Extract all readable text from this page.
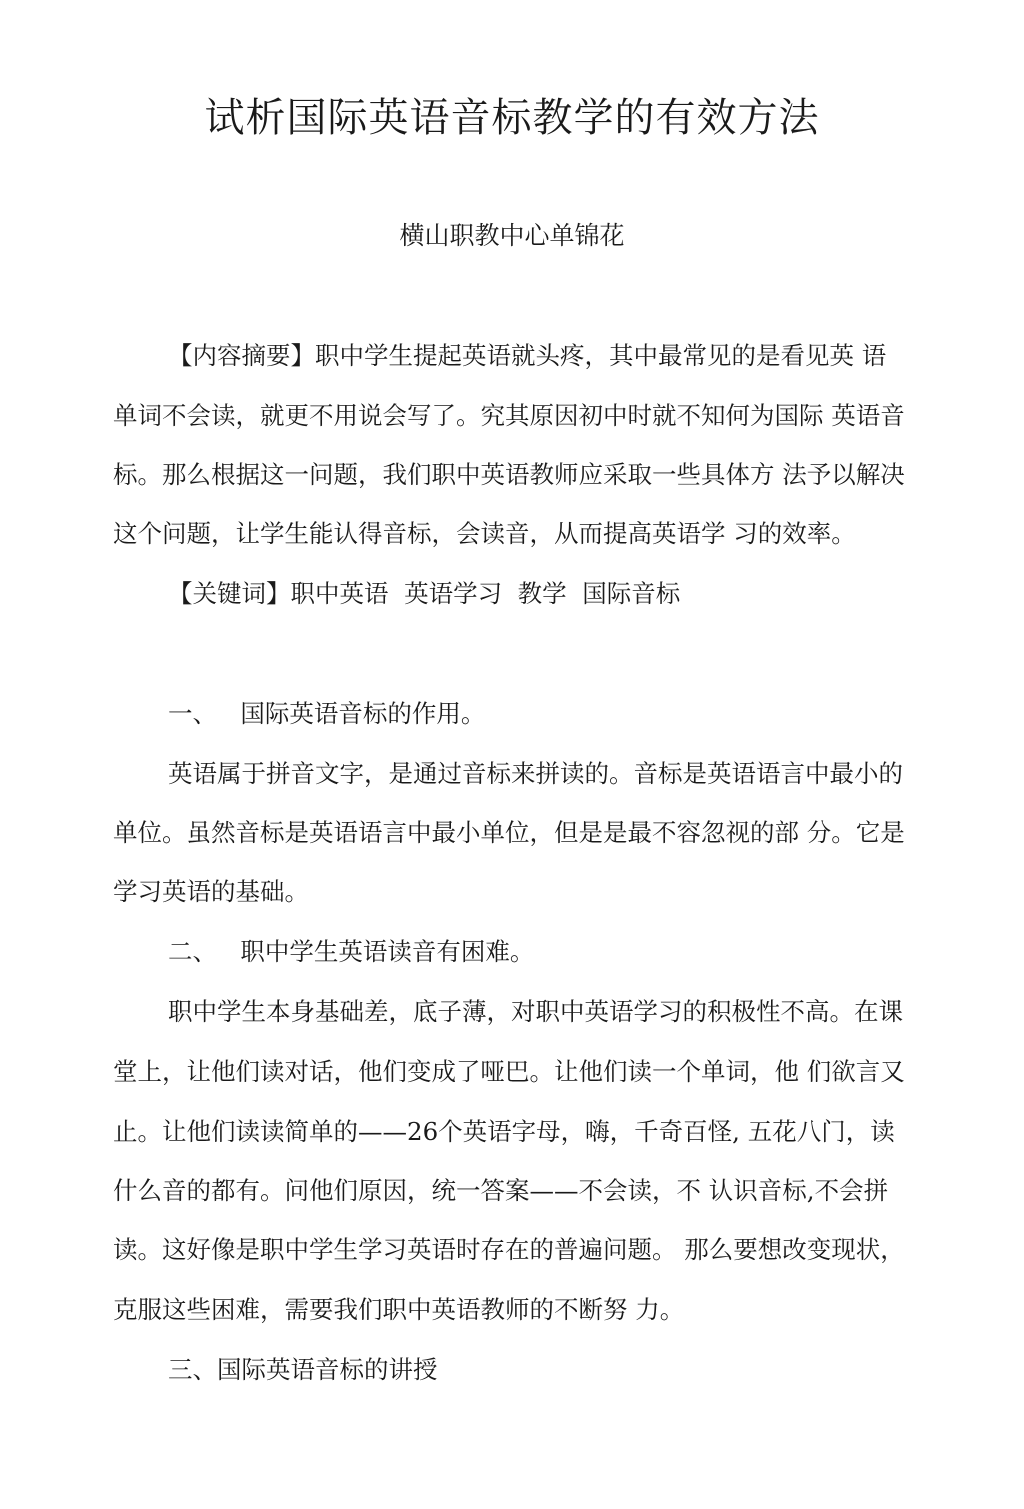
试析国际英语音标教学的有效方法
横山职教中心单锦花
【内容摘要】职中学生提起英语就头疼，其中最常见的是看见英 语
单词不会读，就更不用说会写了。究其原因初中时就不知何为国际 英语音
标。那么根据这一问题，我们职中英语教师应采取一些具体方 法予以解决
这个问题，让学生能认得音标，会读音，从而提高英语学 习的效率。
【关键词】职中英语  英语学习  教学  国际音标
一、   国际英语音标的作用。
英语属于拼音文字，是通过音标来拼读的。音标是英语语言中最小的
单位。虽然音标是英语语言中最小单位，但是是最不容忽视的部 分。它是
学习英语的基础。
二、   职中学生英语读音有困难。
职中学生本身基础差，底子薄，对职中英语学习的积极性不高。在课
堂上，让他们读对话，他们变成了哑巴。让他们读一个单词，他 们欲言又
止。让他们读读简单的——26个英语字母，嗨，千奇百怪, 五花八门，读
什么音的都有。问他们原因，统一答案——不会读，不 认识音标,不会拼
读。这好像是职中学生学习英语时存在的普遍问题。 那么要想改变现状，
克服这些困难，需要我们职中英语教师的不断努 力。
三、国际英语音标的讲授
